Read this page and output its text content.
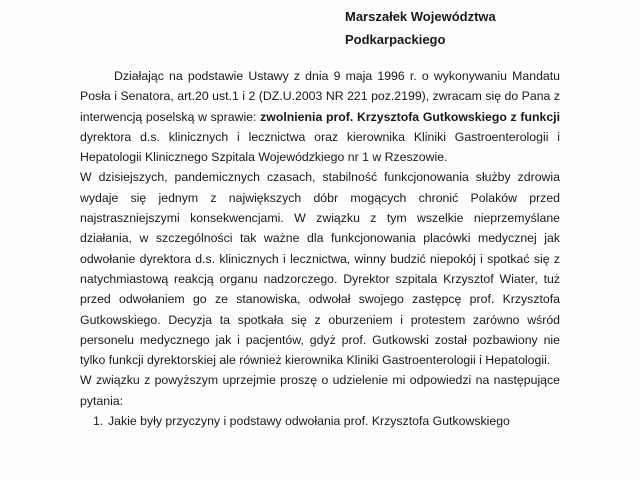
Marszałek Województwa
Podkarpackiego

Działając na podstawie Ustawy z dnia 9 maja 1996 r. o wykonywaniu Mandatu Posła i Senatora, art.20 ust.1 i 2 (DZ.U.2003 NR 221 poz.2199), zwracam się do Pana z interwencją poselską w sprawie: zwolnienia prof. Krzysztofa Gutkowskiego z funkcji dyrektora d.s. klinicznych i lecznictwa oraz kierownika Kliniki Gastroenterologii i Hepatologii Klinicznego Szpitala Wojewódzkiego nr 1 w Rzeszowie.

W dzisiejszych, pandemicznych czasach, stabilność funkcjonowania służby zdrowia wydaje się jednym z największych dóbr mogących chronić Polaków przed najstraszniejszymi konsekwencjami. W związku z tym wszelkie nieprzemyślane działania, w szczególności tak ważne dla funkcjonowania placówki medycznej jak odwołanie dyrektora d.s. klinicznych i lecznictwa, winny budzić niepokój i spotkać się z natychmiastową reakcją organu nadzorczego. Dyrektor szpitala Krzysztof Wiater, tuż przed odwołaniem go ze stanowiska, odwołał swojego zastępcę prof. Krzysztofa Gutkowskiego. Decyzja ta spotkała się z oburzeniem i protestem zarówno wśród personelu medycznego jak i pacjentów, gdyż prof. Gutkowski został pozbawiony nie tylko funkcji dyrektorskiej ale również kierownika Kliniki Gastroenterologii i Hepatologii.

W związku z powyższym uprzejmie proszę o udzielenie mi odpowiedzi na następujące pytania:

1. Jakie były przyczyny i podstawy odwołania prof. Krzysztofa Gutkowskiego
